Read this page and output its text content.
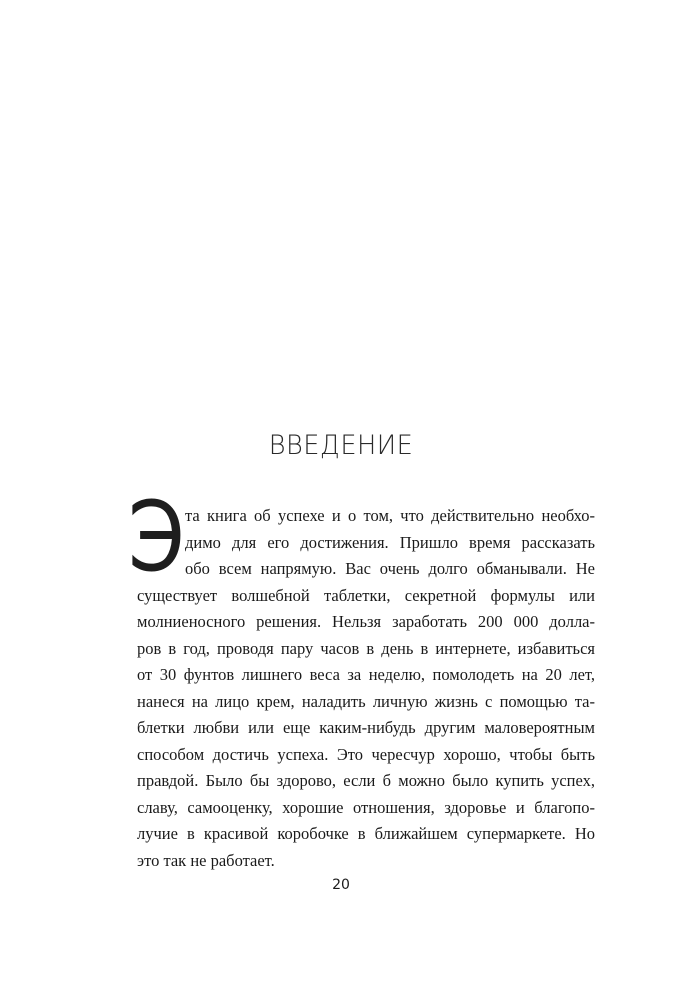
ВВЕДЕНИЕ
Э та книга об успехе и о том, что действительно необхо-
димо для его достижения. Пришло время рассказать
обо всем напрямую. Вас очень долго обманывали. Не
существует волшебной таблетки, секретной формулы или
молниеносного решения. Нельзя заработать 200 000 долла-
ров в год, проводя пару часов в день в интернете, избавиться
от 30 фунтов лишнего веса за неделю, помолодеть на 20 лет,
нанеся на лицо крем, наладить личную жизнь с помощью та-
блетки любви или еще каким-нибудь другим маловероятным
способом достичь успеха. Это чересчур хорошо, чтобы быть
правдой. Было бы здорово, если б можно было купить успех,
славу, самооценку, хорошие отношения, здоровье и благопо-
лучие в красивой коробочке в ближайшем супермаркете. Но
это так не работает.
20
